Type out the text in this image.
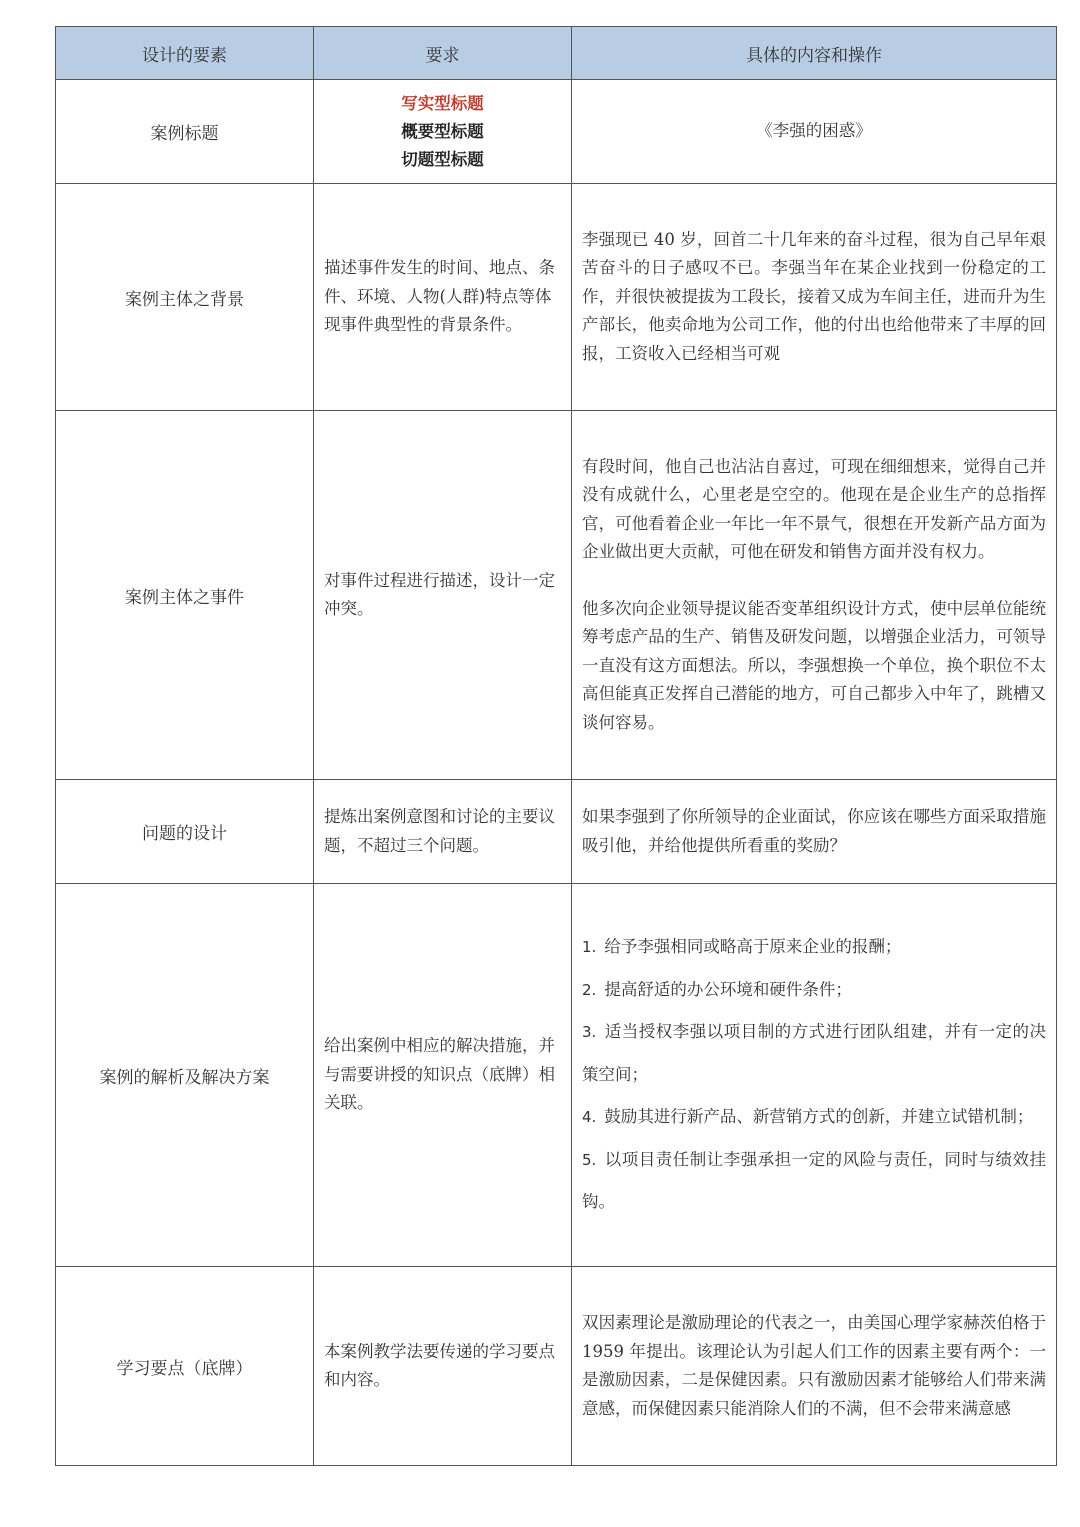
设计的要素	要求	具体的内容和操作
案例标题	写实型标题
概要型标题
切题型标题	《李强的困惑》

案例主体之背景	描述事件发生的时间、地点、条件、环境、人物(人群)特点等体现事件典型性的背景条件。	李强现已 40 岁，回首二十几年来的奋斗过程，很为自己早年艰苦奋斗的日子感叹不已。李强当年在某企业找到一份稳定的工作，并很快被提拔为工段长，接着又成为车间主任，进而升为生产部长，他卖命地为公司工作，他的付出也给他带来了丰厚的回报，工资收入已经相当可观

案例主体之事件	对事件过程进行描述，设计一定冲突。	有段时间，他自己也沾沾自喜过，可现在细细想来，觉得自己并没有成就什么，心里老是空空的。他现在是企业生产的总指挥官，可他看着企业一年比一年不景气，很想在开发新产品方面为企业做出更大贡献，可他在研发和销售方面并没有权力。
他多次向企业领导提议能否变革组织设计方式，使中层单位能统筹考虑产品的生产、销售及研发问题，以增强企业活力，可领导一直没有这方面想法。所以，李强想换一个单位，换个职位不太高但能真正发挥自己潜能的地方，可自己都步入中年了，跳槽又谈何容易。

问题的设计	提炼出案例意图和讨论的主要议题，不超过三个问题。	如果李强到了你所领导的企业面试，你应该在哪些方面采取措施吸引他，并给他提供所看重的奖励？

案例的解析及解决方案	给出案例中相应的解决措施，并与需要讲授的知识点（底牌）相关联。	1. 给予李强相同或略高于原来企业的报酬；
2. 提高舒适的办公环境和硬件条件；
3. 适当授权李强以项目制的方式进行团队组建，并有一定的决策空间；
4. 鼓励其进行新产品、新营销方式的创新，并建立试错机制；
5. 以项目责任制让李强承担一定的风险与责任，同时与绩效挂钩。

学习要点（底牌）	本案例教学法要传递的学习要点和内容。	双因素理论是激励理论的代表之一，由美国心理学家赫茨伯格于 1959 年提出。该理论认为引起人们工作的因素主要有两个：一是激励因素，二是保健因素。只有激励因素才能够给人们带来满意感，而保健因素只能消除人们的不满，但不会带来满意感
